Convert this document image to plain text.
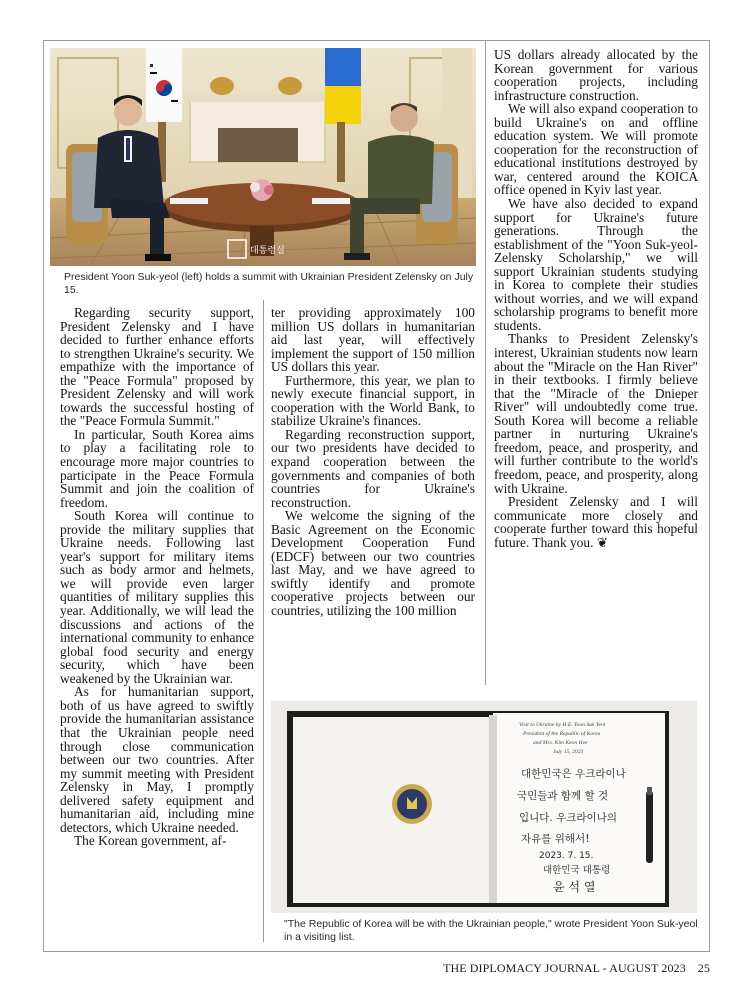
대통령실
President Yoon Suk-yeol (left) holds a summit with Ukrainian President Zelensky on July 15.

Regarding security support, President Zelensky and I have decided to further enhance efforts to strengthen Ukraine's security. We empathize with the importance of the "Peace Formula" proposed by President Zelensky and will work towards the successful hosting of the "Peace Formula Summit."

In particular, South Korea aims to play a facilitating role to encourage more major countries to participate in the Peace Formula Summit and join the coalition of freedom.

South Korea will continue to provide the military supplies that Ukraine needs. Following last year's support for military items such as body armor and helmets, we will provide even larger quantities of military supplies this year. Additionally, we will lead the discussions and actions of the international community to enhance global food security and energy security, which have been weakened by the Ukrainian war.

As for humanitarian support, both of us have agreed to swiftly provide the humanitarian assistance that the Ukrainian people need through close communication between our two countries. After my summit meeting with President Zelensky in May, I promptly delivered safety equipment and humanitarian aid, including mine detectors, which Ukraine needed.

The Korean government, af-

ter providing approximately 100 million US dollars in humanitarian aid last year, will effectively implement the support of 150 million US dollars this year.

Furthermore, this year, we plan to newly execute financial support, in cooperation with the World Bank, to stabilize Ukraine's finances.

Regarding reconstruction support, our two presidents have decided to expand cooperation between the governments and companies of both countries for Ukraine's reconstruction.

We welcome the signing of the Basic Agreement on the Economic Development Cooperation Fund (EDCF) between our two countries last May, and we have agreed to swiftly identify and promote cooperative projects between our countries, utilizing the 100 million

US dollars already allocated by the Korean government for various cooperation projects, including infrastructure construction.

We will also expand cooperation to build Ukraine's on and offline education system. We will promote cooperation for the reconstruction of educational institutions destroyed by war, centered around the KOICA office opened in Kyiv last year.

We have also decided to expand support for Ukraine's future generations. Through the establishment of the "Yoon Suk-yeol-Zelensky Scholarship," we will support Ukrainian students studying in Korea to complete their studies without worries, and we will expand scholarship programs to benefit more students.

Thanks to President Zelensky's interest, Ukrainian students now learn about the "Miracle on the Han River" in their textbooks. I firmly believe that the "Miracle of the Dnieper River" will undoubtedly come true. South Korea will become a reliable partner in nurturing Ukraine's freedom, peace, and prosperity, and will further contribute to the world's freedom, peace, and prosperity, along with Ukraine.

President Zelensky and I will communicate more closely and cooperate further toward this hopeful future. Thank you. ❦

Visit to Ukraine by H.E. Yoon Suk Yeol
President of the Republic of Korea
and Mrs. Kim Keon Hee
July 15, 2023
대한민국은 우크라이나
국민들과 함께 할 것
입니다. 우크라이나의
자유를 위해서!
2023. 7. 15.
대한민국 대통령
윤 석 열
"The Republic of Korea will be with the Ukrainian people," wrote President Yoon Suk-yeol in a visiting list.
THE DIPLOMACY JOURNAL - AUGUST 2023 25
